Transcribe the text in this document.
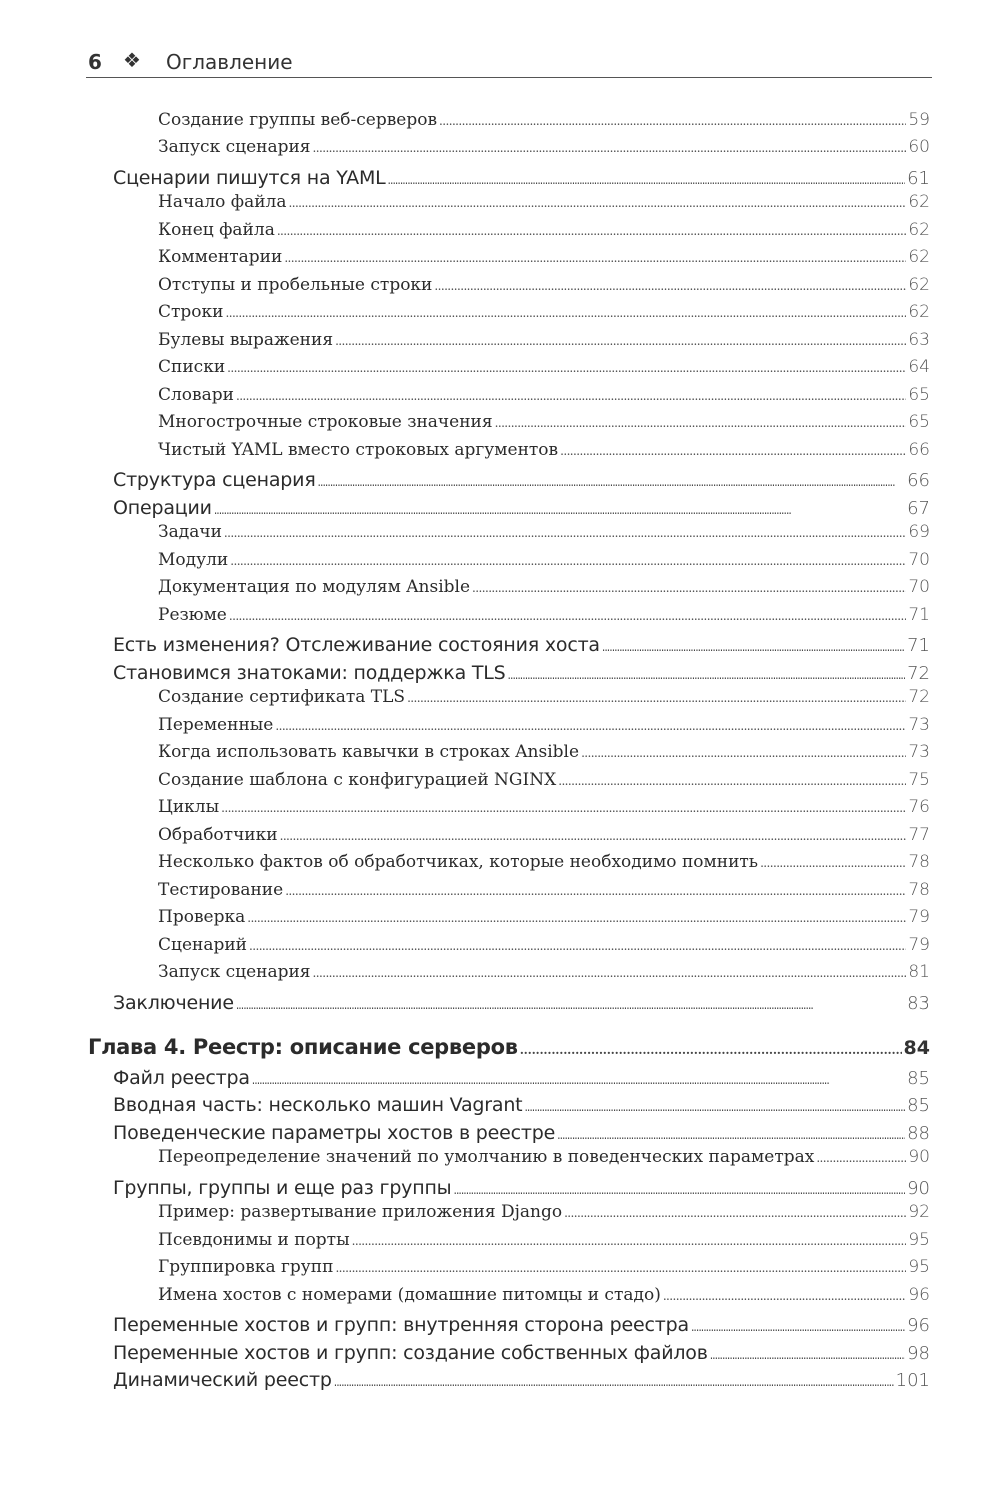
6 ❖ Оглавление
Создание группы веб-серверов . . .	59
Запуск сценария . . .	60
Сценарии пишутся на YAML . . .	61
Начало файла . . .	62
Конец файла . . .	62
Комментарии . . .	62
Отступы и пробельные строки . . .	62
Строки . . .	62
Булевы выражения . . .	63
Списки . . .	64
Словари . . .	65
Многострочные строковые значения . . .	65
Чистый YAML вместо строковых аргументов . . .	66
Структура сценария . . .	66
Операции . . .	67
Задачи . . .	69
Модули . . .	70
Документация по модулям Ansible . . .	70
Резюме . . .	71
Есть изменения? Отслеживание состояния хоста . . .	71
Становимся знатоками: поддержка TLS . . .	72
Создание сертификата TLS . . .	72
Переменные . . .	73
Когда использовать кавычки в строках Ansible . . .	73
Создание шаблона с конфигурацией NGINX . . .	75
Циклы . . .	76
Обработчики . . .	77
Несколько фактов об обработчиках, которые необходимо помнить . . .	78
Тестирование . . .	78
Проверка . . .	79
Сценарий . . .	79
Запуск сценария . . .	81
Заключение . . .	83
Глава 4. Реестр: описание серверов . . .	84
Файл реестра . . .	85
Вводная часть: несколько машин Vagrant . . .	85
Поведенческие параметры хостов в реестре . . .	88
Переопределение значений по умолчанию в поведенческих параметрах . . .	90
Группы, группы и еще раз группы . . .	90
Пример: развертывание приложения Django . . .	92
Псевдонимы и порты . . .	95
Группировка групп . . .	95
Имена хостов с номерами (домашние питомцы и стадо) . . .	96
Переменные хостов и групп: внутренняя сторона реестра . . .	96
Переменные хостов и групп: создание собственных файлов . . .	98
Динамический реестр . . .	101
